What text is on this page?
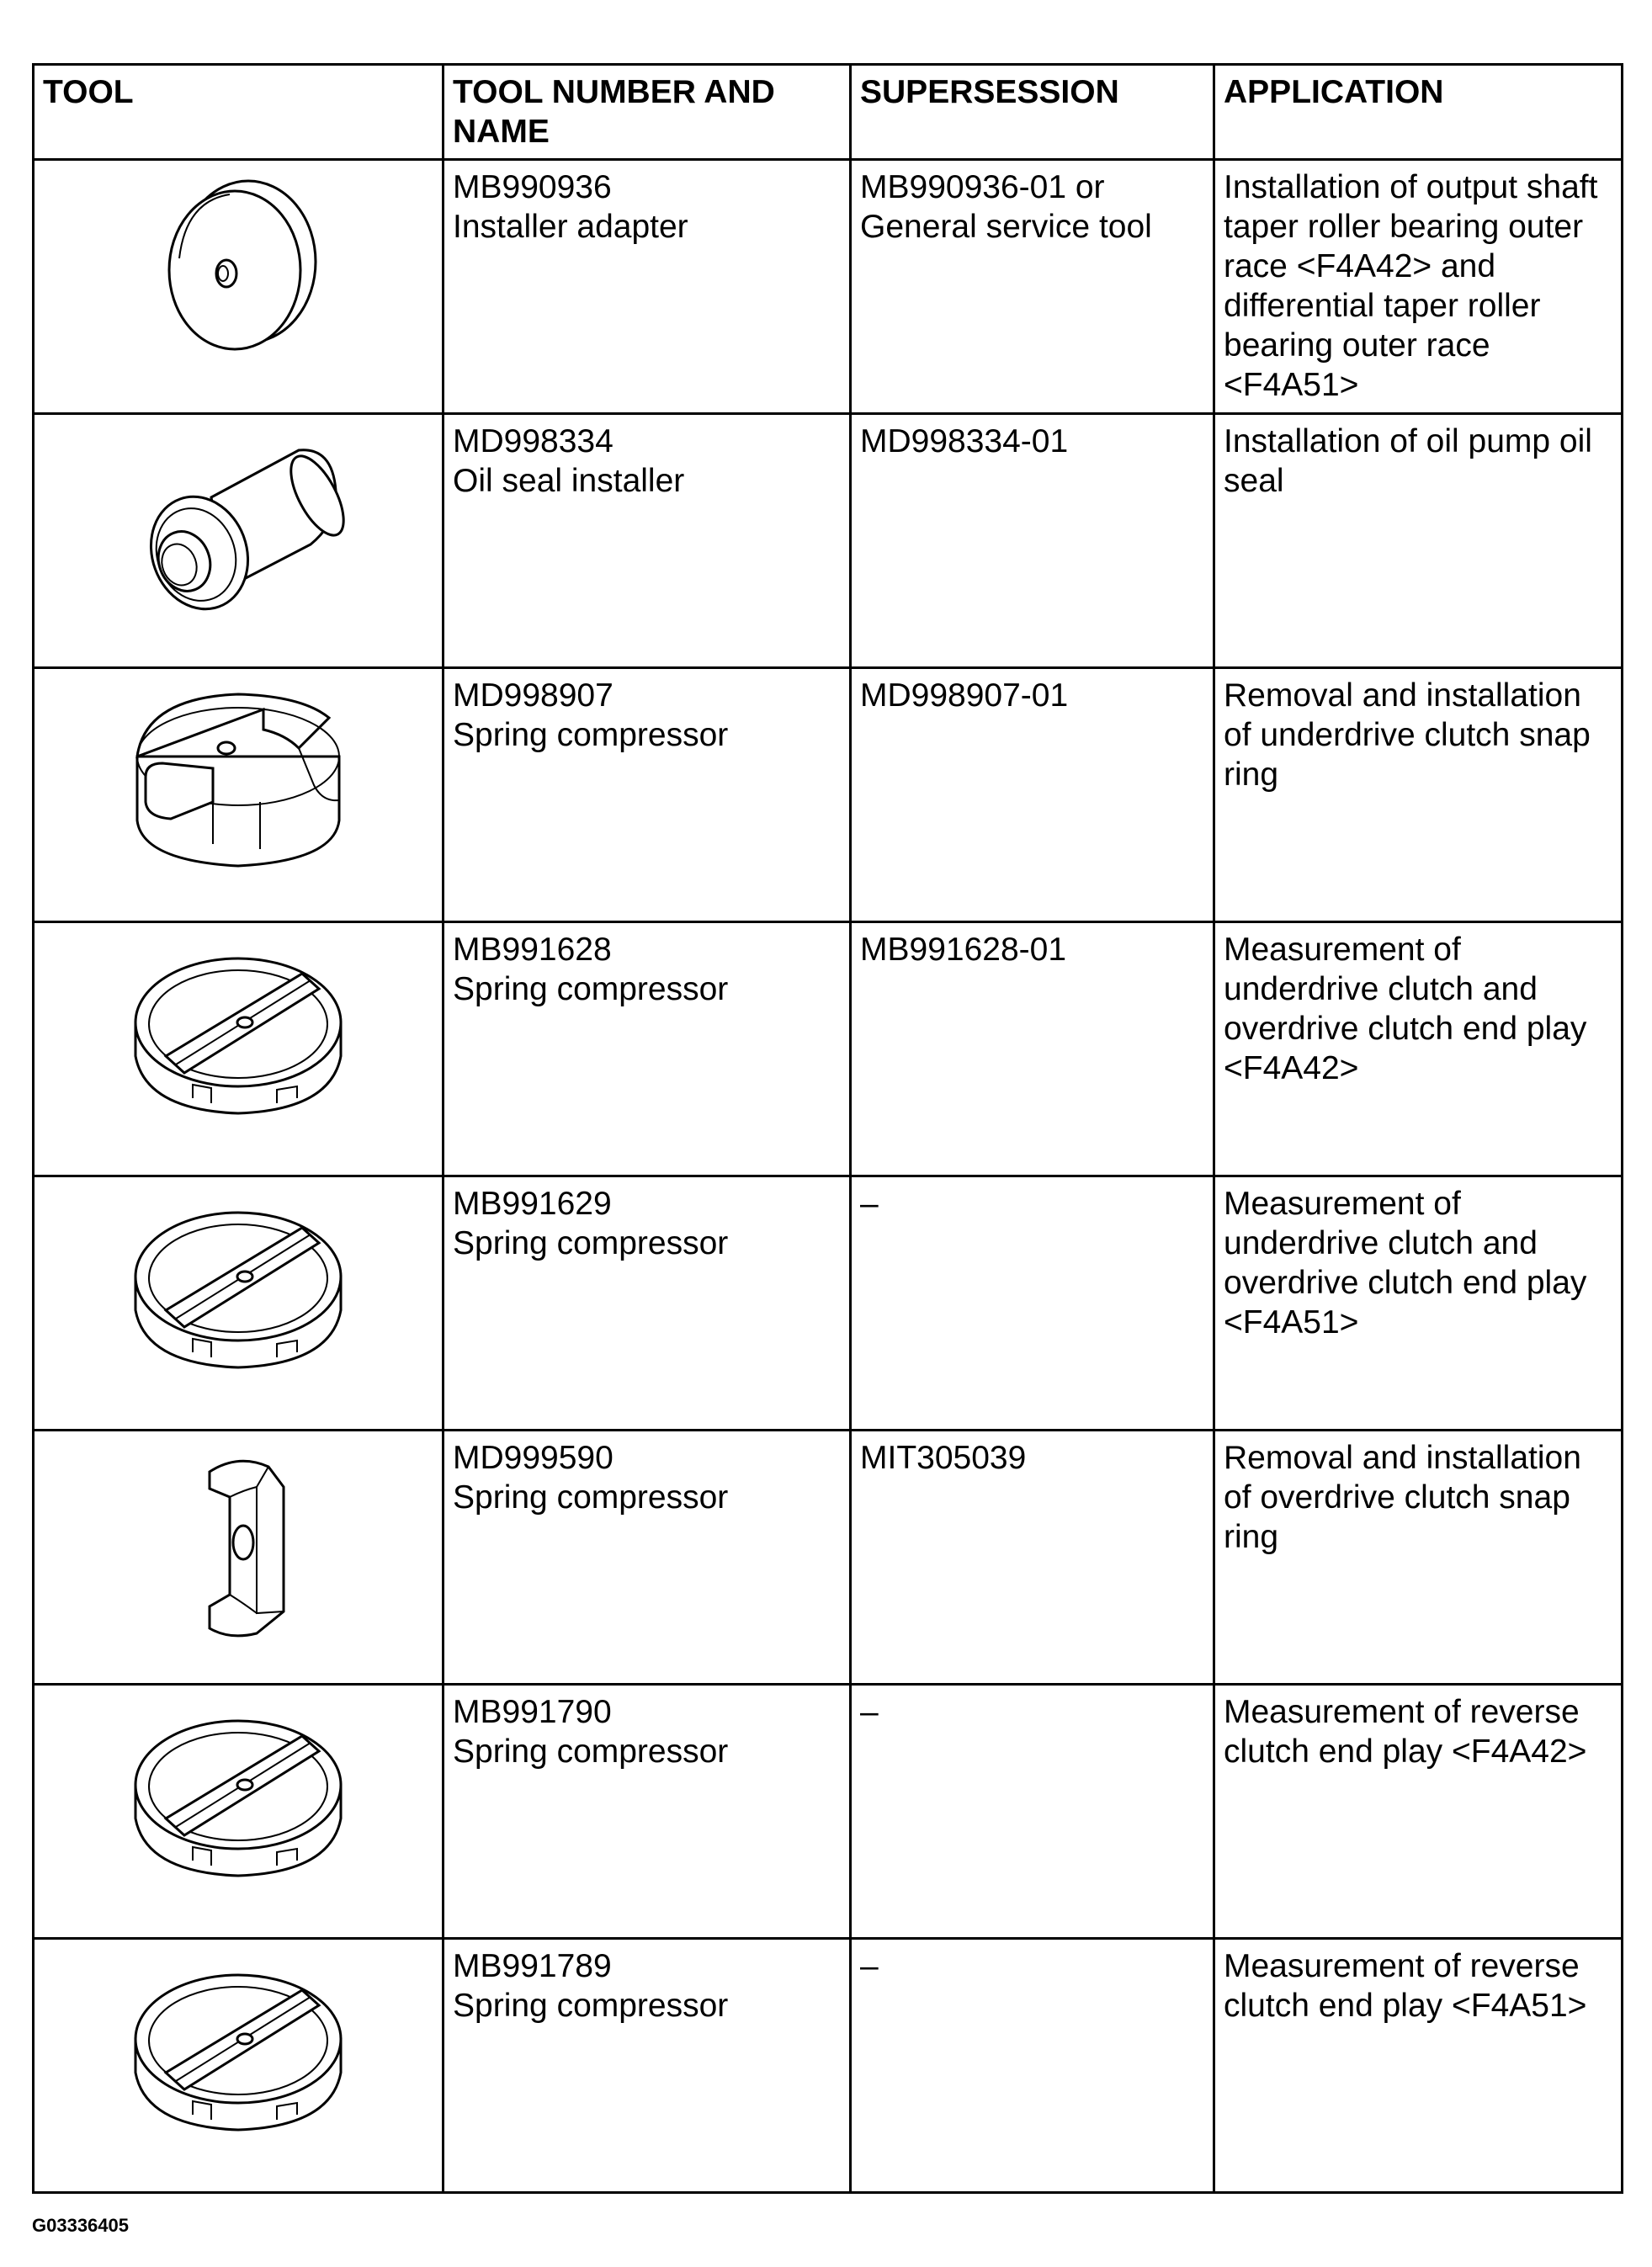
TOOL	TOOL NUMBER AND NAME	SUPERSESSION	APPLICATION

MB990936
Installer adapter	MB990936-01 or General service tool	Installation of output shaft taper roller bearing outer race <F4A42> and differential taper roller bearing outer race <F4A51>

MD998334
Oil seal installer	MD998334-01	Installation of oil pump oil seal

MD998907
Spring compressor	MD998907-01	Removal and installation of underdrive clutch snap ring

MB991628
Spring compressor	MB991628-01	Measurement of underdrive clutch and overdrive clutch end play <F4A42>

MB991629
Spring compressor	–	Measurement of underdrive clutch and overdrive clutch end play <F4A51>

MD999590
Spring compressor	MIT305039	Removal and installation of overdrive clutch snap ring

MB991790
Spring compressor	–	Measurement of reverse clutch end play <F4A42>

MB991789
Spring compressor	–	Measurement of reverse clutch end play <F4A51>
G03336405
